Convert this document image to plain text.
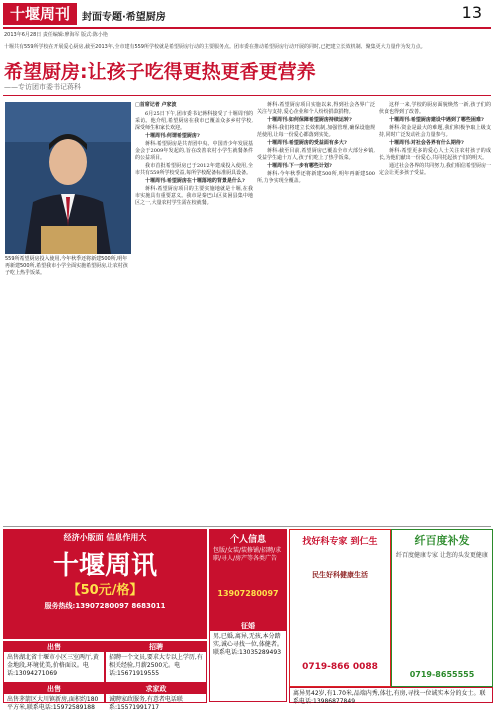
十堰周刊	封面专题·希望厨房	13
2013年6月28日 责任编辑:廖海军 版式:陈小艳
十堰共有559所学校在开展爱心厨房,截至2013年,全市建有559所学校就是希望厨房行动的主要服务点。团市委在推动希望厨房行动开展的同时,已把建立长效机制、聚集更大力量作为发力点。
希望厨房:让孩子吃得更热更香更营养
——专访团市委书记蒋科
559所希望厨房投入使用,今年秋季还将新建500所,明年再新建500所,希望我市小学全面实施希望厨房,让农村孩子吃上热乎饭菜。
□首席记者 卢家波

6月25日下午,团市委书记蒋科接受了十堰周刊的采访。他介绍,希望厨房在我市已覆盖众多乡村学校,深受师生和家长欢迎。

十堰周刊:何谓希望厨房?

蒋科:希望厨房是共青团中央、中国青少年发展基金会于2009年发起的,旨在改善农村小学生就餐条件的公益项目。

我市首批希望厨房已于2012年建成投入使用,全市共有559所学校受益,每所学校配备标准厨具设备。

十堰周刊:希望厨房在十堰落地的背景是什么?

蒋科:希望厨房项目的主要实施地就是十堰,在我市实施具有重要意义。我市是秦巴山区贫困县集中地区之一,大量农村学生需在校就餐。

蒋科:希望厨房项目实施以来,得到社会各界广泛关注与支持,爱心企业和个人纷纷捐款捐物。

十堰周刊:如何保障希望厨房持续运转?

蒋科:我们将建立长效机制,加强管理,确保设施规范使用,让每一份爱心都落到实处。

十堰周刊:希望厨房的受益面有多大?

蒋科:截至目前,希望厨房已覆盖全市大部分乡镇,受益学生逾十万人,孩子们吃上了热乎饭菜。

十堰周刊:下一步有哪些计划?

蒋科:今年秋季还将新建500所,明年再新建500所,力争实现全覆盖。

这样一来,学校的厨房面貌焕然一新,孩子们的伙食也得到了改善。

十堰周刊:希望厨房建设中遇到了哪些困难?

蒋科:资金是最大的难题,我们积极争取上级支持,同时广泛发动社会力量参与。

十堰周刊:对社会各界有什么期待?

蒋科:希望更多的爱心人士关注农村孩子的成长,为他们献出一份爱心,共同托起孩子们的明天。

通过社会各界的共同努力,我们相信希望厨房一定会让更多孩子受益。

经济小版面 信息作用大
十堰周讯
【50元/格】
服务热线:13907280097 8683011
个人信息
包版/女装/装修铺/招聘/求职/寻人/房产等各类广告
13907280097
找好科专家 到仁生
民生好科健康生活
0719-866 0088
纤百度补发
纤百度健康专家 让您的头发更健康
0719-8655555
出售
出售湖北省十堰市小区三室两厅,黄金地段,环境优美,价格面议。电话:13094271069
招聘
招聘一个文员,要求大专以上学历,有相关经验,月薪2500元。电话:15671919555
征婚
男,已婚,离异,无孩,本分踏实,诚心寻找一位,体健者。联系电话:13035289493
出售
出售茅箭区大川镇新房,面积约180平方米,联系电话:15972589188
求家政
诚聘家政服务,有意者电话联系:15571991717
离异男42岁,有1.70米,品端内秀,体壮,有房,寻找一位诚实本分的女士。联系电话:13986877849
